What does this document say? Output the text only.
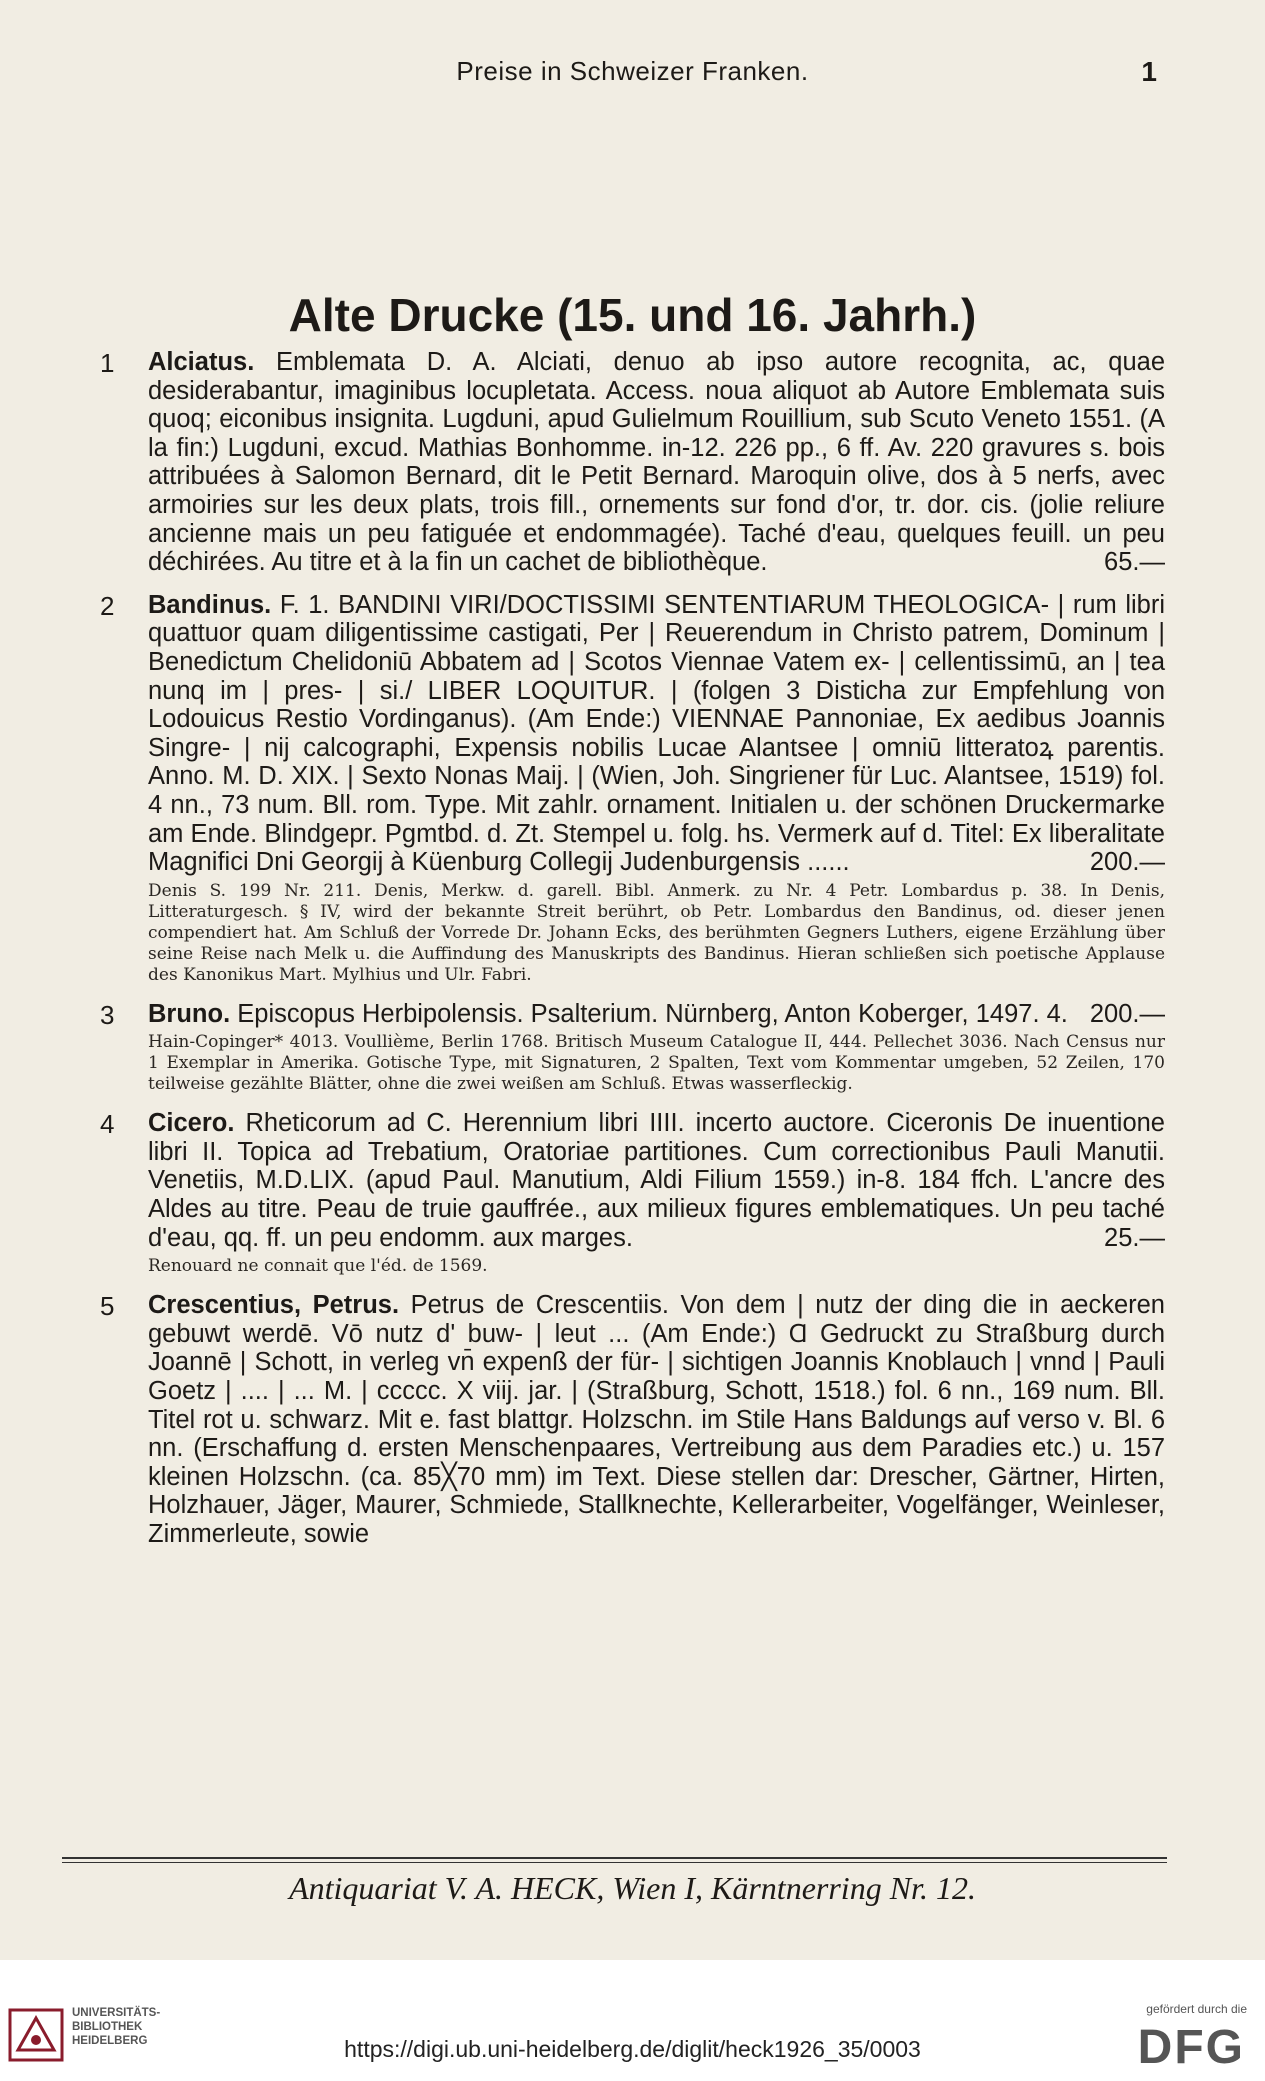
Preise in Schweizer Franken.	1
Alte Drucke (15. und 16. Jahrh.)
1 Alciatus. Emblemata D. A. Alciati, denuo ab ipso autore recognita, ac, quae desiderabantur, imaginibus locupletata. Access. noua aliquot ab Autore Emblemata suis quoq; eiconibus insignita. Lugduni, apud Gulielmum Rouillium, sub Scuto Veneto 1551. (A la fin:) Lugduni, excud. Mathias Bonhomme. in-12. 226 pp., 6 ff. Av. 220 gravures s. bois attribuées à Salomon Bernard, dit le Petit Bernard. Maroquin olive, dos à 5 nerfs, avec armoiries sur les deux plats, trois fill., ornements sur fond d'or, tr. dor. cis. (jolie reliure ancienne mais un peu fatiguée et endommagée). Taché d'eau, quelques feuill. un peu déchirées. Au titre et à la fin un cachet de bibliothèque.	65.—
2 Bandinus. F. 1. BANDINI VIRI/DOCTISSIMI SENTENTIARUM THEOLOGICA- | rum libri quattuor quam diligentissime castigati, Per | Reuerendum in Christo patrem, Dominum | Benedictum Chelidoniū Abbatem ad | Scotos Viennae Vatem ex- | cellentissimū, an | tea nunq im | pres- | si./ LIBER LOQUITUR. | (folgen 3 Disticha zur Empfehlung von Lodouicus Restio Vordinganus). (Am Ende:) VIENNAE Pannoniae, Ex aedibus Joannis Singre- | nij calcographi, Expensis nobilis Lucae Alantsee | omniū litteratoꝝ parentis. Anno. M. D. XIX. | Sexto Nonas Maij. | (Wien, Joh. Singriener für Luc. Alantsee, 1519) fol. 4 nn., 73 num. Bll. rom. Type. Mit zahlr. ornament. Initialen u. der schönen Druckermarke am Ende. Blindgepr. Pgmtbd. d. Zt. Stempel u. folg. hs. Vermerk auf d. Titel: Ex liberalitate Magnifici Dni Georgij à Küenburg Collegij Judenburgensis ......	200.—
Denis S. 199 Nr. 211. Denis, Merkw. d. garell. Bibl. Anmerk. zu Nr. 4 Petr. Lombardus p. 38. In Denis, Litteraturgesch. § IV, wird der bekannte Streit berührt, ob Petr. Lombardus den Bandinus, od. dieser jenen compendiert hat. Am Schluß der Vorrede Dr. Johann Ecks, des berühmten Gegners Luthers, eigene Erzählung über seine Reise nach Melk u. die Auffindung des Manuskripts des Bandinus. Hieran schließen sich poetische Applause des Kanonikus Mart. Mylhius und Ulr. Fabri.
3 Bruno. Episcopus Herbipolensis. Psalterium. Nürnberg, Anton Koberger, 1497. 4. 200.—
Hain-Copinger* 4013. Voullième, Berlin 1768. Britisch Museum Catalogue II, 444. Pellechet 3036. Nach Census nur 1 Exemplar in Amerika. Gotische Type, mit Signaturen, 2 Spalten, Text vom Kommentar umgeben, 52 Zeilen, 170 teilweise gezählte Blätter, ohne die zwei weißen am Schluß. Etwas wasserfleckig.
4 Cicero. Rheticorum ad C. Herennium libri IIII. incerto auctore. Ciceronis De inuentione libri II. Topica ad Trebatium, Oratoriae partitiones. Cum correctionibus Pauli Manutii. Venetiis, M.D.LIX. (apud Paul. Manutium, Aldi Filium 1559.) in-8. 184 ffch. L'ancre des Aldes au titre. Peau de truie gauffrée., aux milieux figures emblematiques. Un peu taché d'eau, qq. ff. un peu endomm. aux marges.	25.—
Renouard ne connait que l'éd. de 1569.
5 Crescentius, Petrus. Petrus de Crescentiis. Von dem | nutz der ding die in aeckeren gebuwt werdē. Vō nutz d' buw- | leut ... (Am Ende:) Ɑ Gedruckt zu Straßburg durch Joannē | Schott, in verleg vn̄ expenß der für- | sichtigen Joannis Knoblauch | vnnd | Pauli Goetz | .... | ... M. | ccccc. X viij. jar. | (Straßburg, Schott, 1518.) fol. 6 nn., 169 num. Bll. Titel rot u. schwarz. Mit e. fast blattgr. Holzschn. im Stile Hans Baldungs auf verso v. Bl. 6 nn. (Erschaffung d. ersten Menschenpaares, Vertreibung aus dem Paradies etc.) u. 157 kleinen Holzschn. (ca. 85╳70 mm) im Text. Diese stellen dar: Drescher, Gärtner, Hirten, Holzhauer, Jäger, Maurer, Schmiede, Stallknechte, Kellerarbeiter, Vogelfänger, Weinleser, Zimmerleute, sowie
Antiquariat V. A. HECK, Wien I, Kärntnerring Nr. 12.
UNIVERSITÄTS-
BIBLIOTHEK
HEIDELBERG	https://digi.ub.uni-heidelberg.de/diglit/heck1926_35/0003
gefördert durch die
DFG
